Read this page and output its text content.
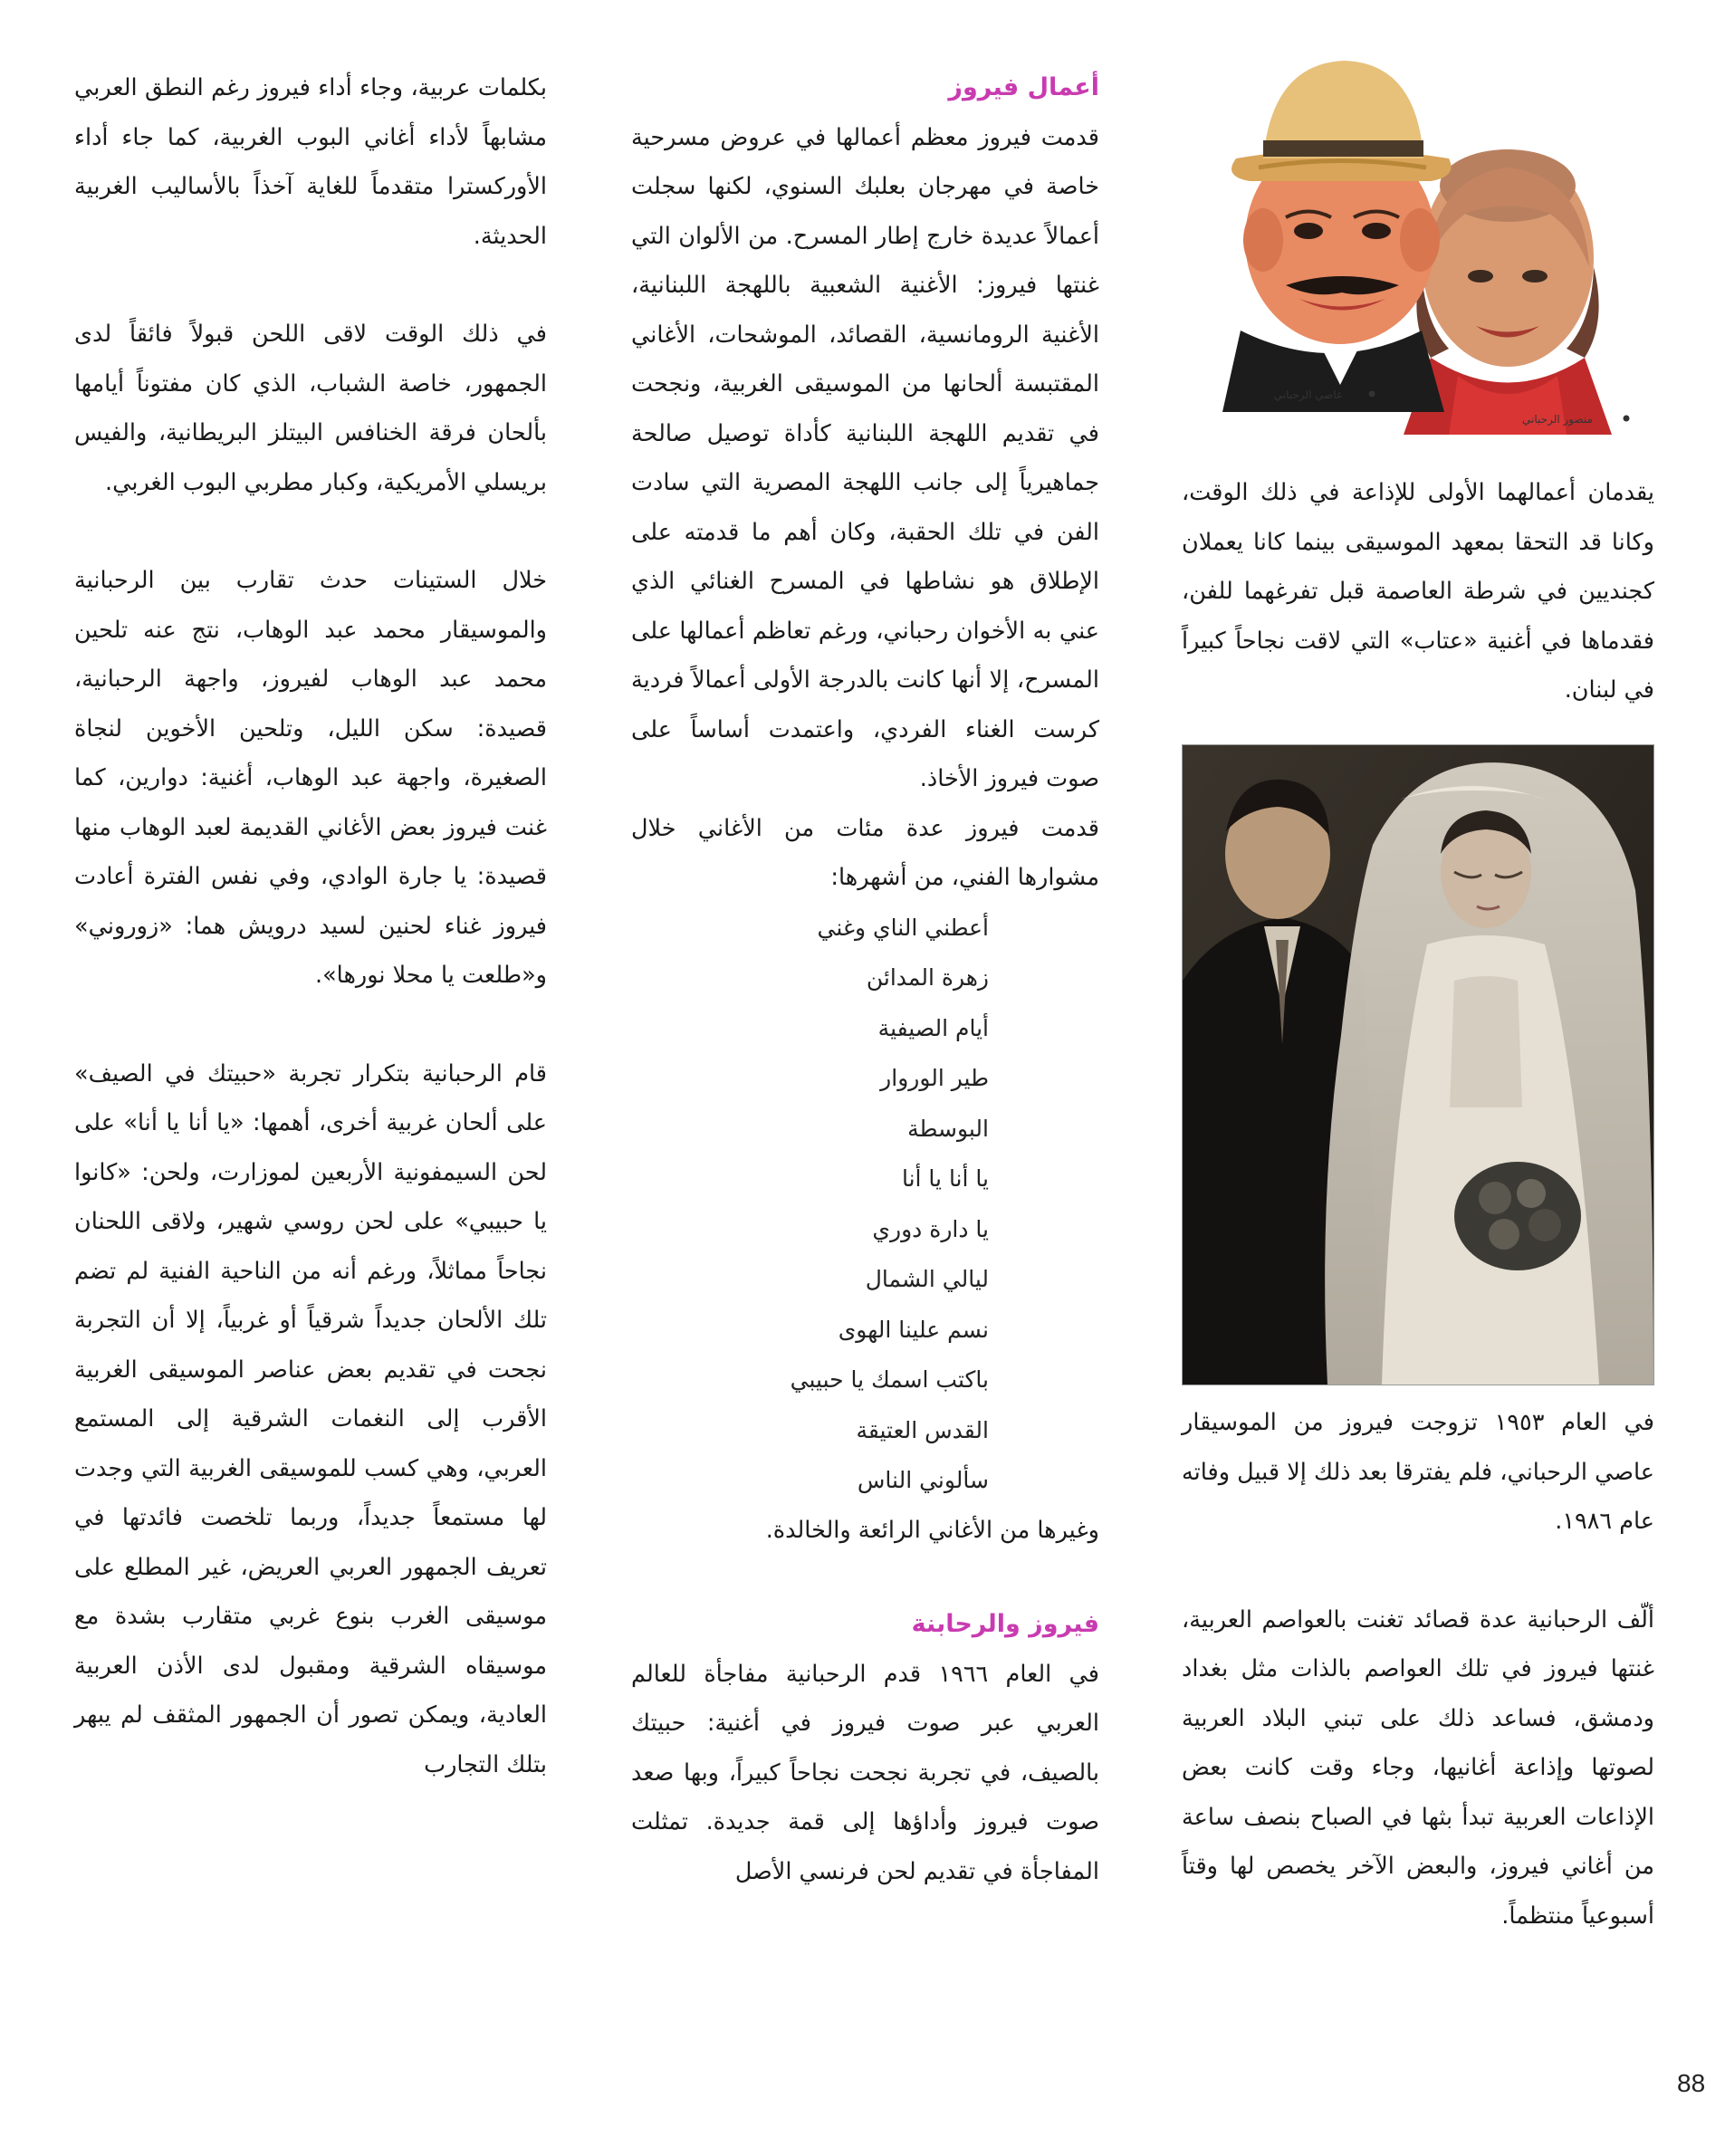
عاصي الرحباني
منصور الرحباني

يقدمان أعمالهما الأولى للإذاعة في ذلك الوقت، وكانا قد التحقا بمعهد الموسيقى بينما كانا يعملان كجنديين في شرطة العاصمة قبل تفرغهما للفن، فقدماها في أغنية «عتاب» التي لاقت نجاحاً كبيراً في لبنان.

في العام ١٩٥٣ تزوجت فيروز من الموسيقار عاصي الرحباني، فلم يفترقا بعد ذلك إلا قبيل وفاته عام ١٩٨٦.

ألّف الرحبانية عدة قصائد تغنت بالعواصم العربية، غنتها فيروز في تلك العواصم بالذات مثل بغداد ودمشق، فساعد ذلك على تبني البلاد العربية لصوتها وإذاعة أغانيها، وجاء وقت كانت بعض الإذاعات العربية تبدأ بثها في الصباح بنصف ساعة من أغاني فيروز، والبعض الآخر يخصص لها وقتاً أسبوعياً منتظماً.

أعمال فيروز

قدمت فيروز معظم أعمالها في عروض مسرحية خاصة في مهرجان بعلبك السنوي، لكنها سجلت أعمالاً عديدة خارج إطار المسرح. من الألوان التي غنتها فيروز: الأغنية الشعبية باللهجة اللبنانية، الأغنية الرومانسية، القصائد، الموشحات، الأغاني المقتبسة ألحانها من الموسيقى الغربية، ونجحت في تقديم اللهجة اللبنانية كأداة توصيل صالحة جماهيرياً إلى جانب اللهجة المصرية التي سادت الفن في تلك الحقبة، وكان أهم ما قدمته على الإطلاق هو نشاطها في المسرح الغنائي الذي عني به الأخوان رحباني، ورغم تعاظم أعمالها على المسرح، إلا أنها كانت بالدرجة الأولى أعمالاً فردية كرست الغناء الفردي، واعتمدت أساساً على صوت فيروز الأخاذ.

قدمت فيروز عدة مئات من الأغاني خلال مشوارها الفني، من أشهرها:

أعطني الناي وغني
زهرة المدائن
أيام الصيفية
طير الوروار
البوسطة
يا أنا يا أنا
يا دارة دوري
ليالي الشمال
نسم علينا الهوى
باكتب اسمك يا حبيبي
القدس العتيقة
سألوني الناس

وغيرها من الأغاني الرائعة والخالدة.

فيروز والرحابنة

في العام ١٩٦٦ قدم الرحبانية مفاجأة للعالم العربي عبر صوت فيروز في أغنية: حبيتك بالصيف، في تجربة نجحت نجاحاً كبيراً، وبها صعد صوت فيروز وأداؤها إلى قمة جديدة. تمثلت المفاجأة في تقديم لحن فرنسي الأصل

بكلمات عربية، وجاء أداء فيروز رغم النطق العربي مشابهاً لأداء أغاني البوب الغربية، كما جاء أداء الأوركسترا متقدماً للغاية آخذاً بالأساليب الغربية الحديثة.

في ذلك الوقت لاقى اللحن قبولاً فائقاً لدى الجمهور، خاصة الشباب، الذي كان مفتوناً أيامها بألحان فرقة الخنافس البيتلز البريطانية، والفيس بريسلي الأمريكية، وكبار مطربي البوب الغربي.

خلال الستينات حدث تقارب بين الرحبانية والموسيقار محمد عبد الوهاب، نتج عنه تلحين محمد عبد الوهاب لفيروز، واجهة الرحبانية، قصيدة: سكن الليل، وتلحين الأخوين لنجاة الصغيرة، واجهة عبد الوهاب، أغنية: دوارين، كما غنت فيروز بعض الأغاني القديمة لعبد الوهاب منها قصيدة: يا جارة الوادي، وفي نفس الفترة أعادت فيروز غناء لحنين لسيد درويش هما: «زوروني» و«طلعت يا محلا نورها».

قام الرحبانية بتكرار تجربة «حبيتك في الصيف» على ألحان غربية أخرى، أهمها: «يا أنا يا أنا» على لحن السيمفونية الأربعين لموزارت، ولحن: «كانوا يا حبيبي» على لحن روسي شهير، ولاقى اللحنان نجاحاً مماثلاً، ورغم أنه من الناحية الفنية لم تضم تلك الألحان جديداً شرقياً أو غربياً، إلا أن التجربة نجحت في تقديم بعض عناصر الموسيقى الغربية الأقرب إلى النغمات الشرقية إلى المستمع العربي، وهي كسب للموسيقى الغربية التي وجدت لها مستمعاً جديداً، وربما تلخصت فائدتها في تعريف الجمهور العربي العريض، غير المطلع على موسيقى الغرب بنوع غربي متقارب بشدة مع موسيقاه الشرقية ومقبول لدى الأذن العربية العادية، ويمكن تصور أن الجمهور المثقف لم يبهر بتلك التجارب

88
